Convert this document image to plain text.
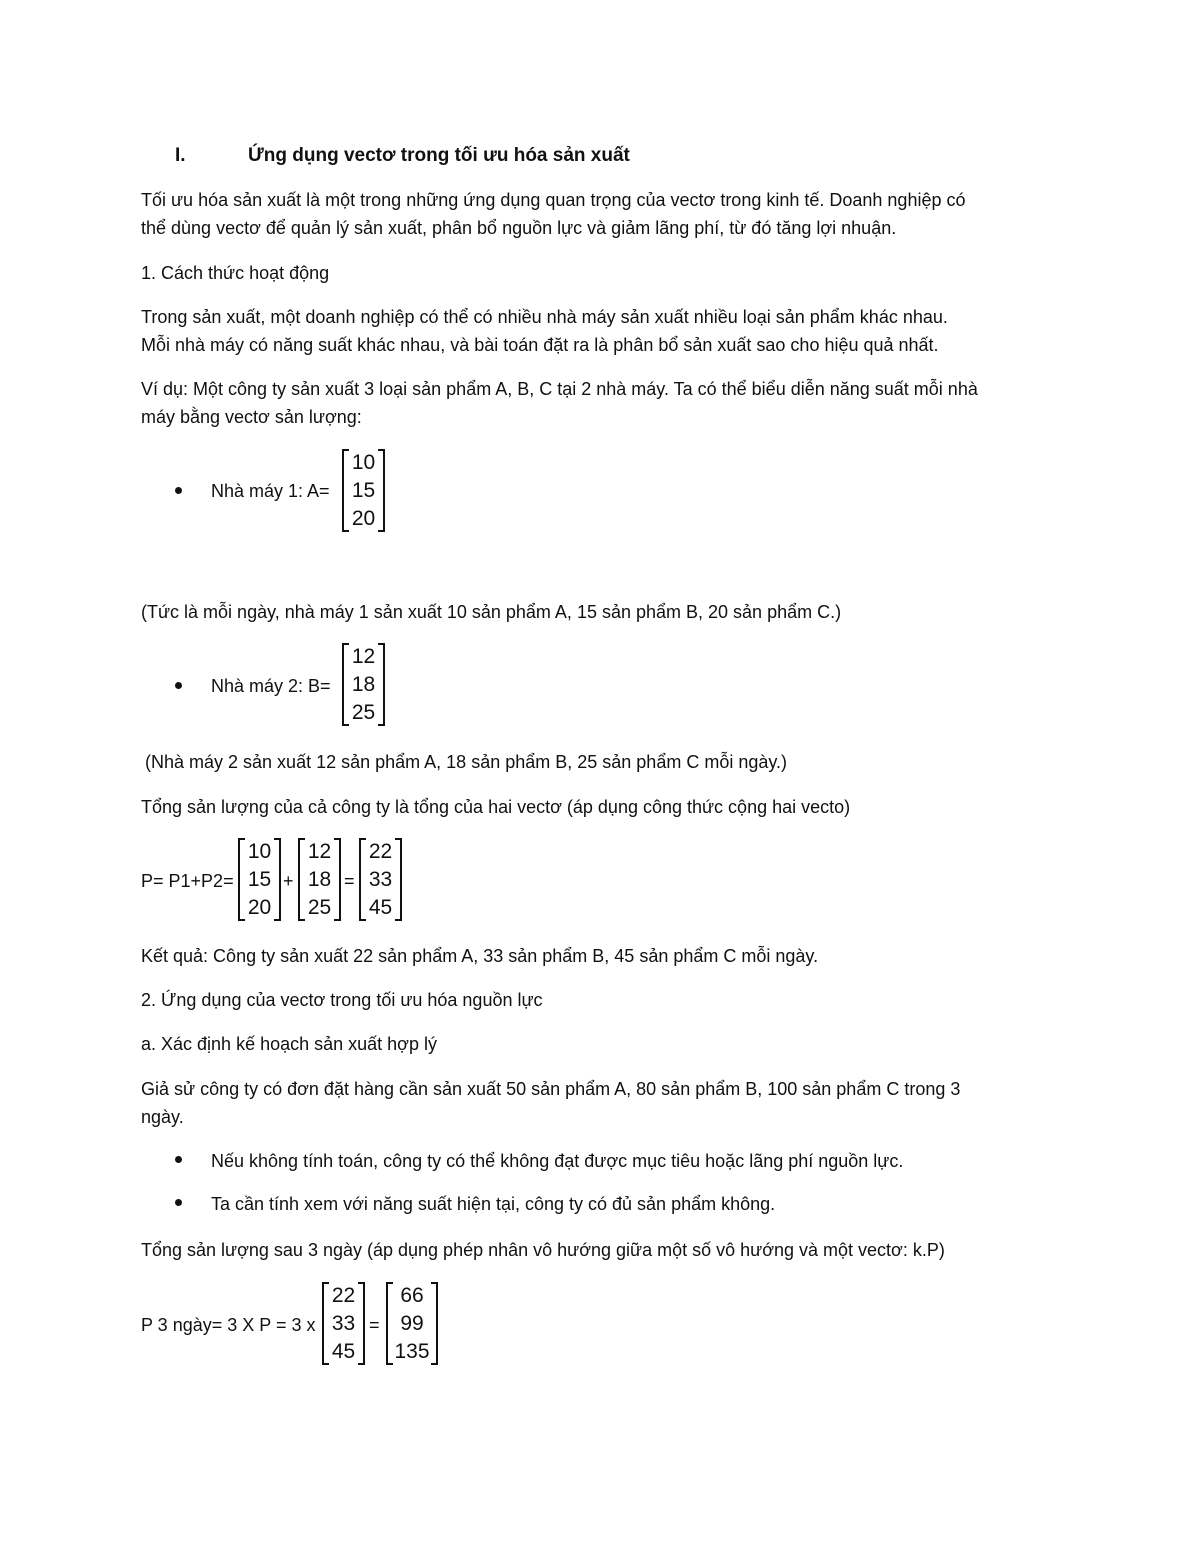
I.	Ứng dụng vectơ trong tối ưu hóa sản xuất
Tối ưu hóa sản xuất là một trong những ứng dụng quan trọng của vectơ trong kinh tế. Doanh nghiệp có
thể dùng vectơ để quản lý sản xuất, phân bổ nguồn lực và giảm lãng phí, từ đó tăng lợi nhuận.
1. Cách thức hoạt động
Trong sản xuất, một doanh nghiệp có thể có nhiều nhà máy sản xuất nhiều loại sản phẩm khác nhau.
Mỗi nhà máy có năng suất khác nhau, và bài toán đặt ra là phân bổ sản xuất sao cho hiệu quả nhất.
Ví dụ: Một công ty sản xuất 3 loại sản phẩm A, B, C tại 2 nhà máy. Ta có thể biểu diễn năng suất mỗi nhà
máy bằng vectơ sản lượng:
Nhà máy 1: A=
10
15
20
(Tức là mỗi ngày, nhà máy 1 sản xuất 10 sản phẩm A, 15 sản phẩm B, 20 sản phẩm C.)
Nhà máy 2: B=
12
18
25
(Nhà máy 2 sản xuất 12 sản phẩm A, 18 sản phẩm B, 25 sản phẩm C mỗi ngày.)
Tổng sản lượng của cả công ty là tổng của hai vectơ (áp dụng công thức cộng hai vecto)
P= P1+P2=
10
15
20
+
12
18
25
=
22
33
45
Kết quả: Công ty sản xuất 22 sản phẩm A, 33 sản phẩm B, 45 sản phẩm C mỗi ngày.
2. Ứng dụng của vectơ trong tối ưu hóa nguồn lực
a. Xác định kế hoạch sản xuất hợp lý
Giả sử công ty có đơn đặt hàng cần sản xuất 50 sản phẩm A, 80 sản phẩm B, 100 sản phẩm C trong 3
ngày.
Nếu không tính toán, công ty có thể không đạt được mục tiêu hoặc lãng phí nguồn lực.
Ta cần tính xem với năng suất hiện tại, công ty có đủ sản phẩm không.
Tổng sản lượng sau 3 ngày (áp dụng phép nhân vô hướng giữa một số vô hướng và một vectơ: k.P)
P 3 ngày= 3 X P = 3 x
22
33
45
=
66
99
135
